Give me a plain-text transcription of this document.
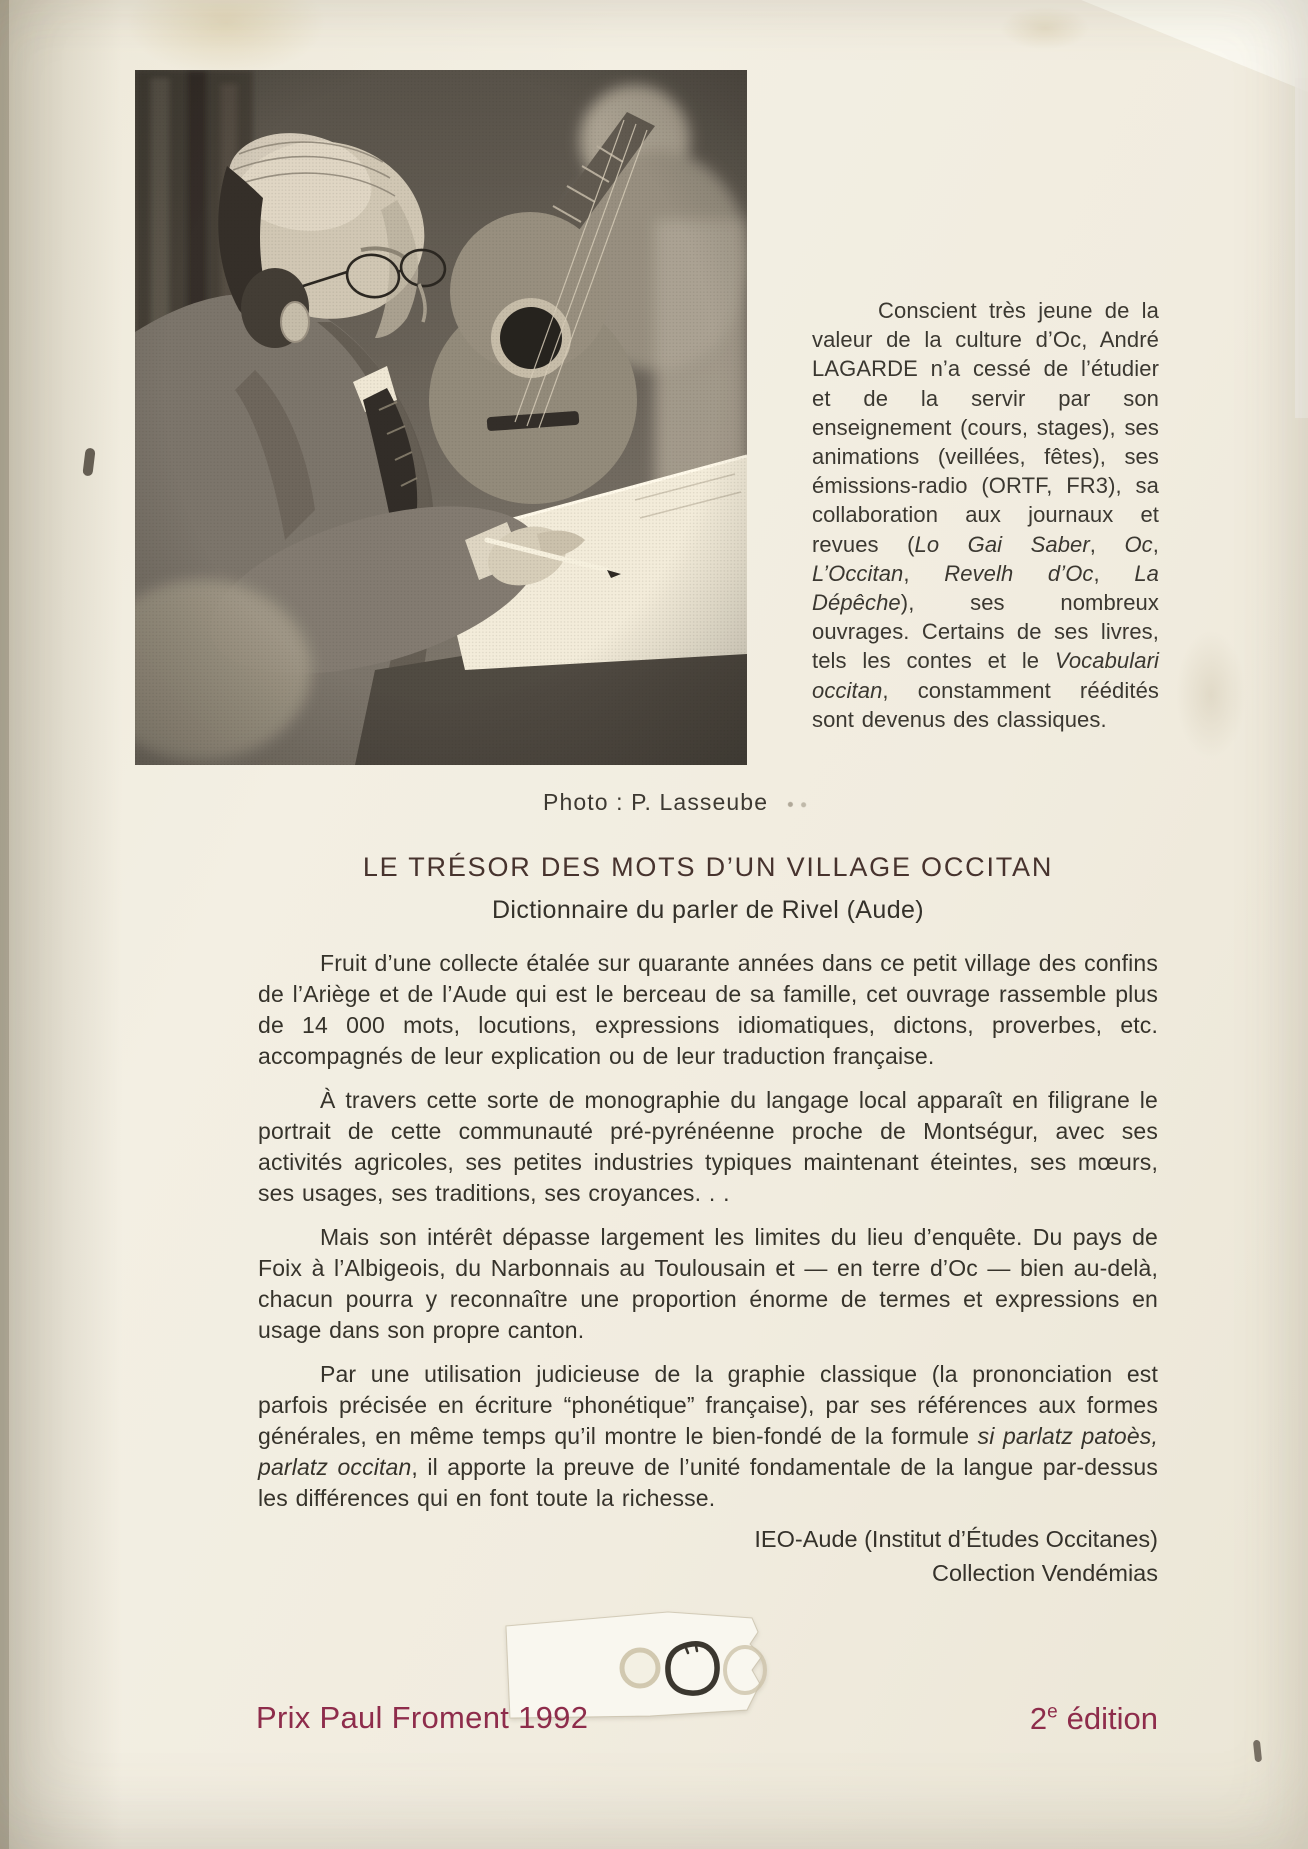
Photo : P. Lasseube
Conscient très jeune de la valeur de la culture d’Oc, André LAGARDE n’a cessé de l’étudier et de la servir par son enseignement (cours, stages), ses animations (veillées, fêtes), ses émissions-radio (ORTF, FR3), sa collaboration aux journaux et revues (Lo Gai Saber, Oc, L’Occitan, Revelh d’Oc, La Dépêche), ses nombreux ouvrages. Certains de ses livres, tels les contes et le Vocabulari occitan, constamment réédités sont devenus des classiques.
LE TRÉSOR DES MOTS D’UN VILLAGE OCCITAN
Dictionnaire du parler de Rivel (Aude)

Fruit d’une collecte étalée sur quarante années dans ce petit village des confins de l’Ariège et de l’Aude qui est le berceau de sa famille, cet ouvrage rassemble plus de 14 000 mots, locutions, expressions idiomatiques, dictons, proverbes, etc. accompagnés de leur explication ou de leur traduction française.

À travers cette sorte de monographie du langage local apparaît en filigrane le portrait de cette communauté pré-pyrénéenne proche de Montségur, avec ses activités agricoles, ses petites industries typiques maintenant éteintes, ses mœurs, ses usages, ses traditions, ses croyances. . .

Mais son intérêt dépasse largement les limites du lieu d’enquête. Du pays de Foix à l’Albigeois, du Narbonnais au Toulousain et — en terre d’Oc — bien au-delà, chacun pourra y reconnaître une proportion énorme de termes et expressions en usage dans son propre canton.

Par une utilisation judicieuse de la graphie classique (la prononciation est parfois précisée en écriture “phonétique” française), par ses références aux formes générales, en même temps qu’il montre le bien-fondé de la formule si parlatz patoès, parlatz occitan, il apporte la preuve de l’unité fondamentale de la langue par-dessus les différences qui en font toute la richesse.

IEO-Aude (Institut d’Études Occitanes)
Collection Vendémias
Prix Paul Froment 1992	2e édition
